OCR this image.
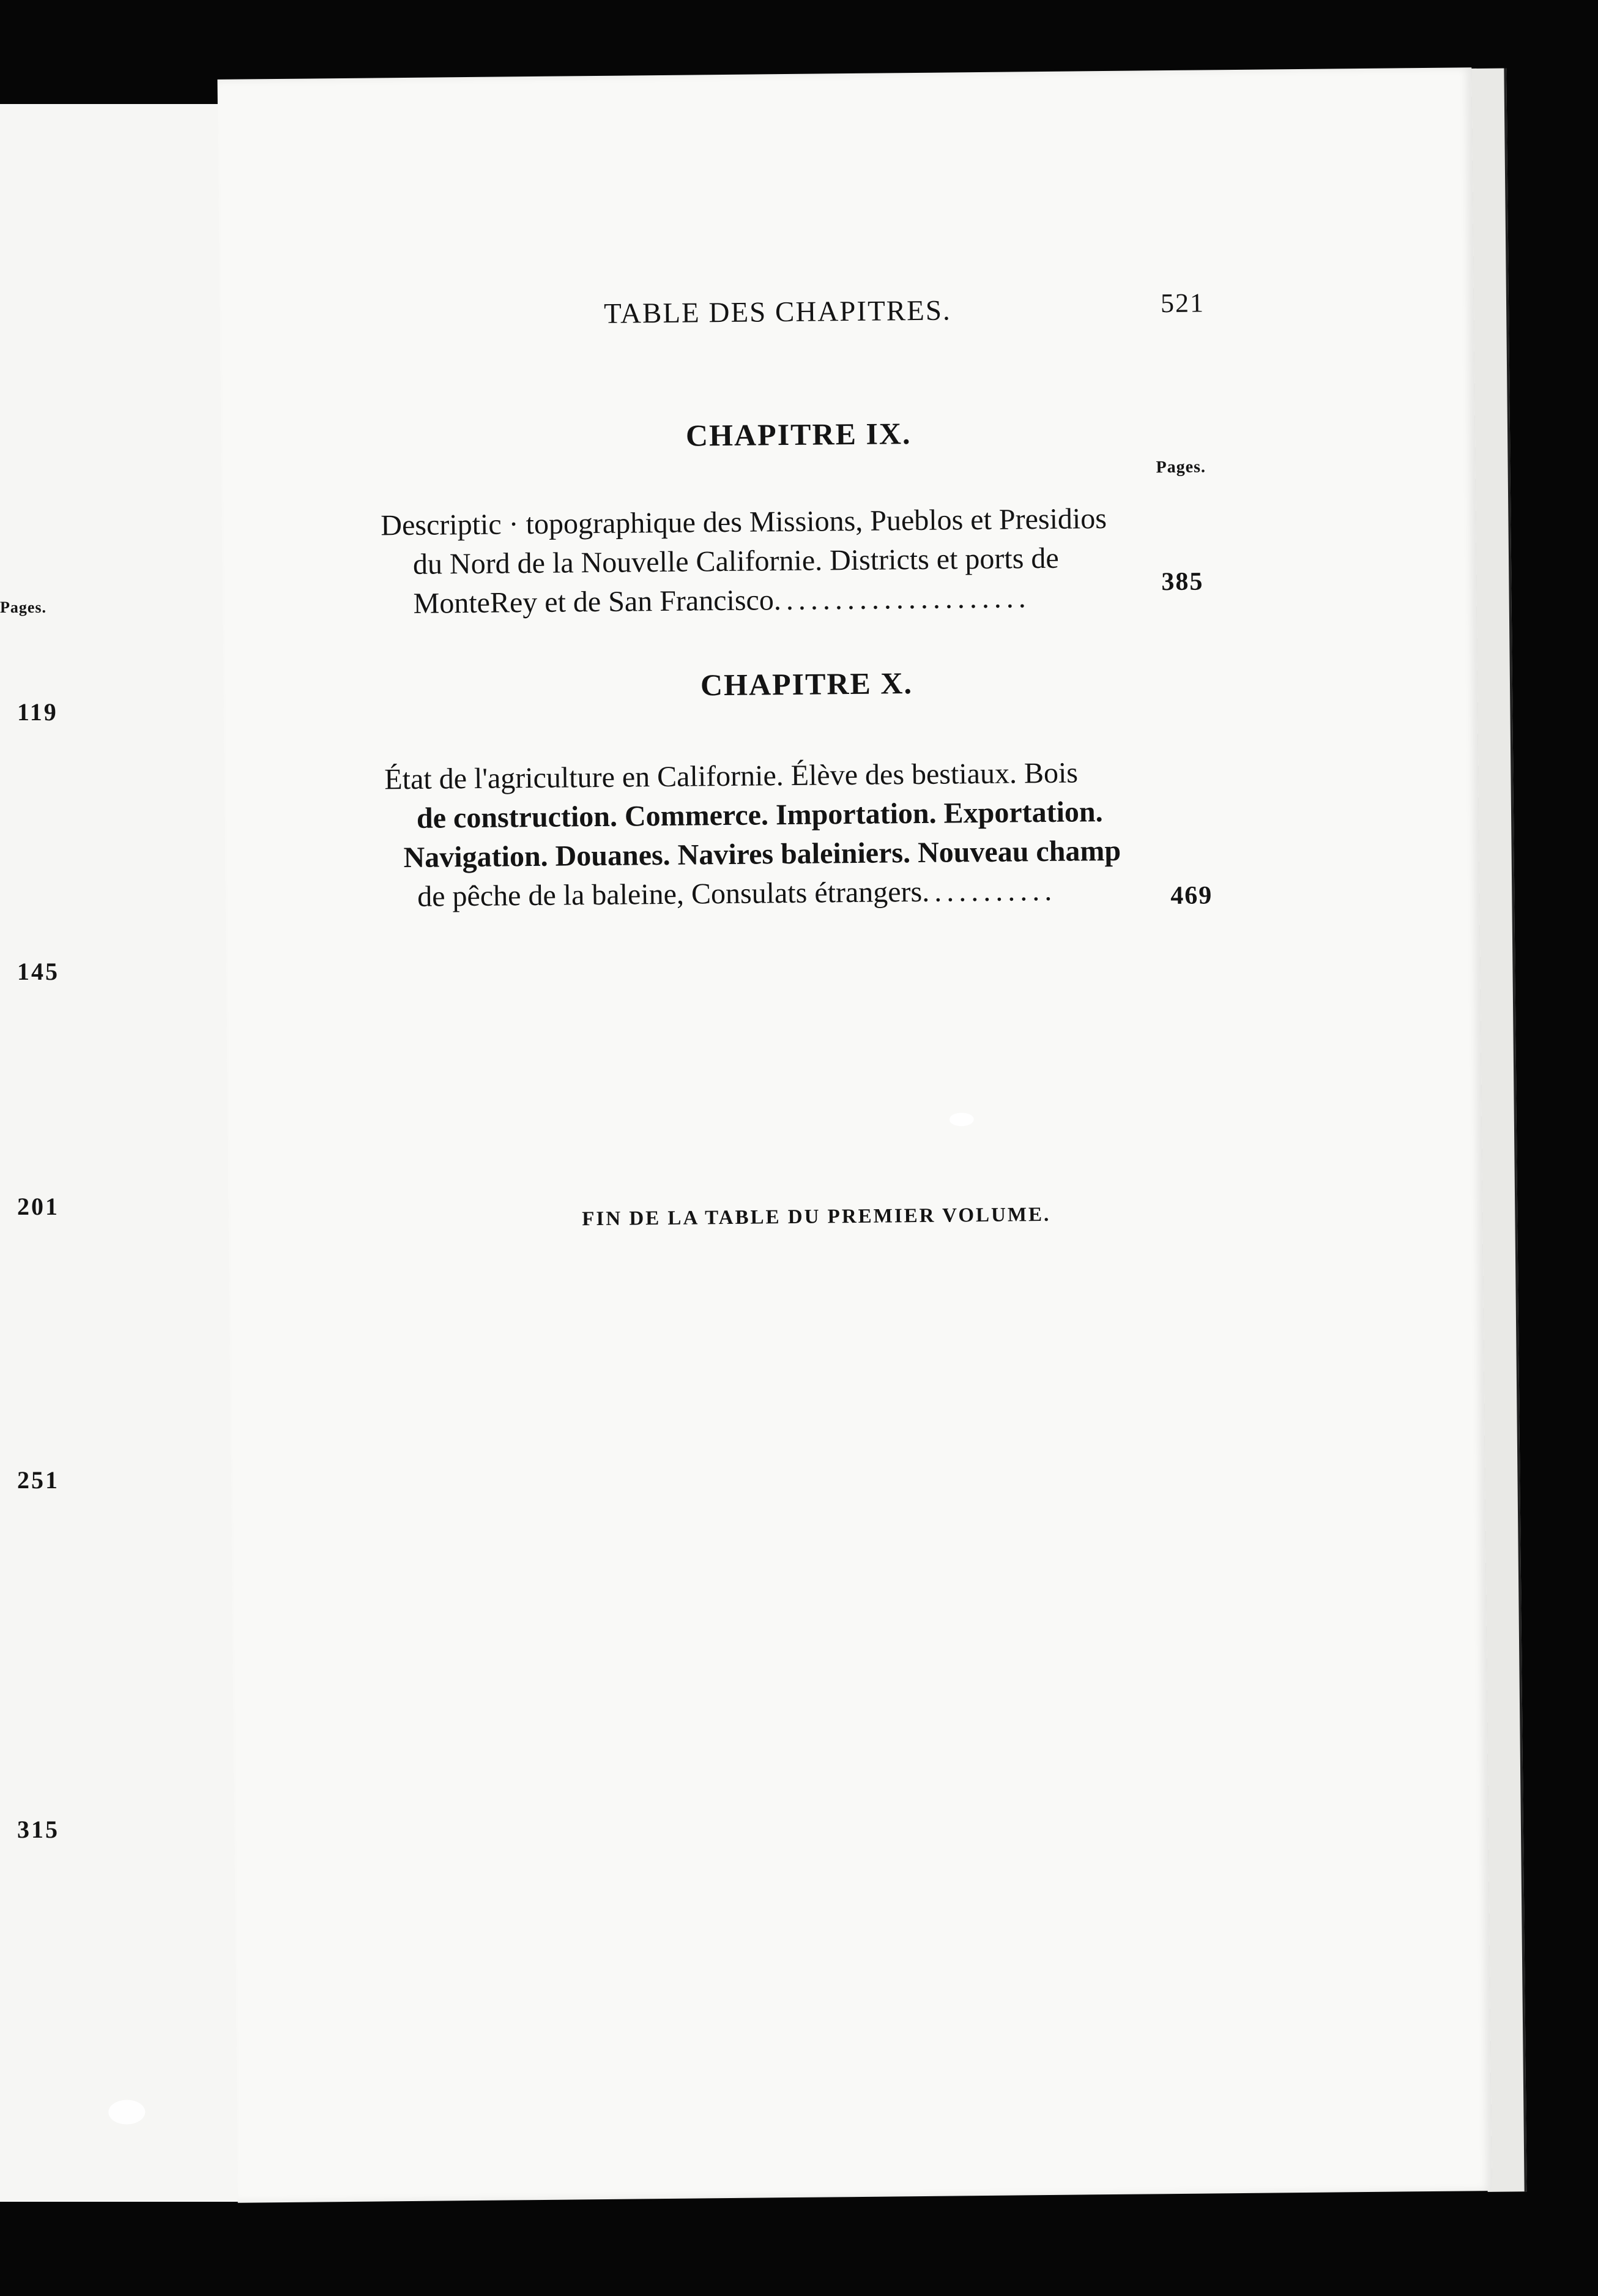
Pages.
119
145
201
251
315
TABLE DES CHAPITRES.	521
CHAPITRE IX.
Pages.
Descriptic · topographique des Missions, Pueblos et Presidios
du Nord de la Nouvelle Californie. Districts et ports de
MonteRey et de San Francisco.....................	385
CHAPITRE X.
État de l'agriculture en Californie. Élève des bestiaux. Bois
de construction. Commerce. Importation. Exportation.
Navigation. Douanes. Navires baleiniers. Nouveau champ
de pêche de la baleine, Consulats étrangers...........	469
FIN DE LA TABLE DU PREMIER VOLUME.
